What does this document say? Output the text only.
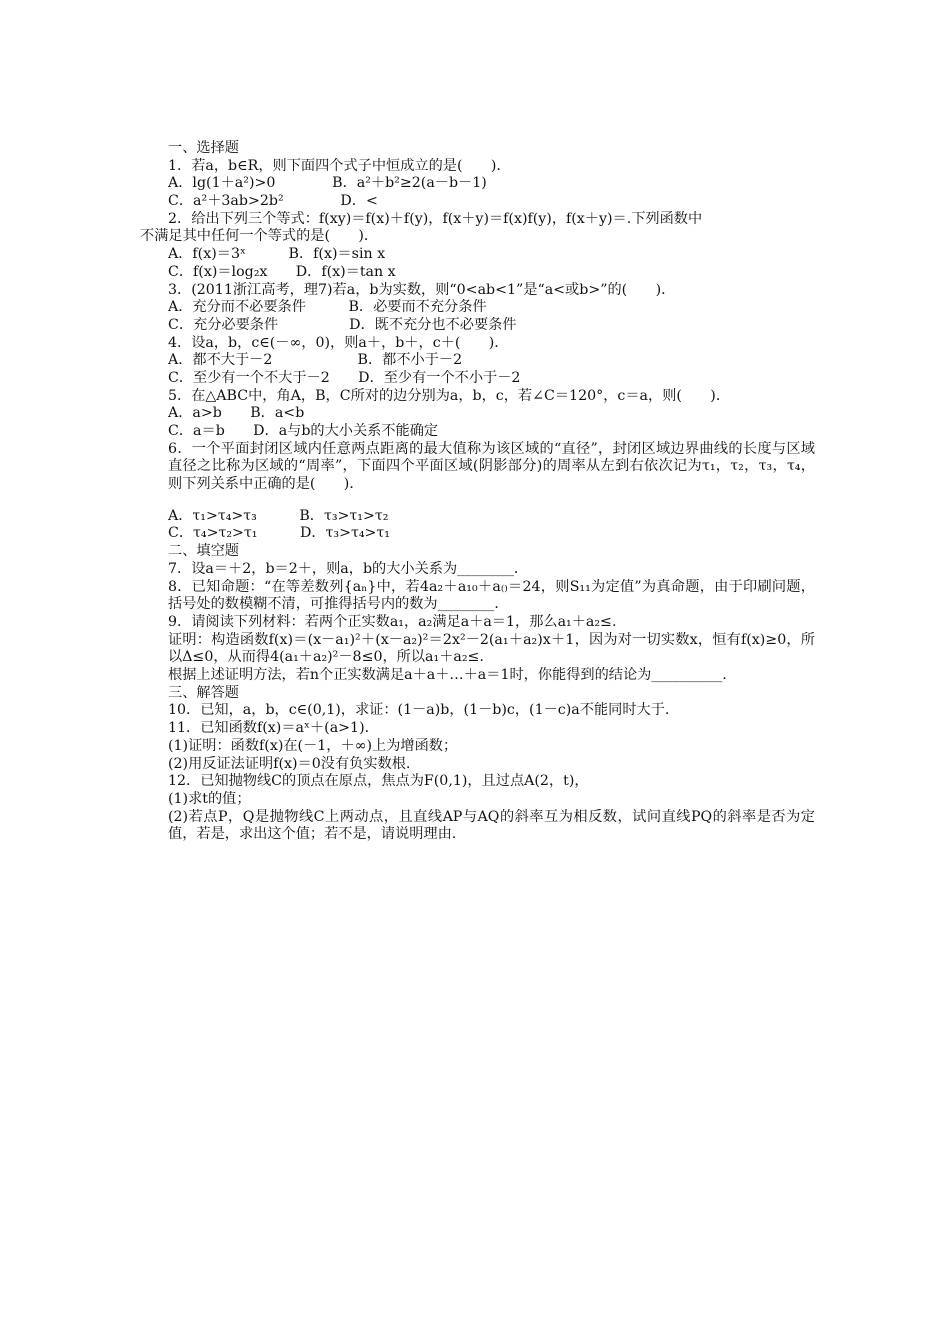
一、选择题
1．若a，b∈R，则下面四个式子中恒成立的是(　　)．
A．lg(1＋a²)>0　　　　B．a²＋b²≥2(a－b－1)
C．a²＋3ab>2b²　　　　D．<
2．给出下列三个等式：f(xy)＝f(x)＋f(y)，f(x＋y)＝f(x)f(y)，f(x＋y)＝.下列函数中
不满足其中任何一个等式的是(　　)．
A．f(x)＝3ˣ　　　B．f(x)＝sin x
C．f(x)＝log₂x　　D．f(x)＝tan x
3．(2011浙江高考，理7)若a，b为实数，则“0<ab<1”是“a<或b>”的(　　)．
A．充分而不必要条件　　　B．必要而不充分条件
C．充分必要条件　　　　　D．既不充分也不必要条件
4．设a，b，c∈(－∞，0)，则a＋，b＋，c＋(　　)．
A．都不大于－2　　　　　　B．都不小于－2
C．至少有一个不大于－2　　D．至少有一个不小于－2
5．在△ABC中，角A，B，C所对的边分别为a，b，c，若∠C＝120°，c＝a，则(　　)．
A．a>b　　B．a<b
C．a＝b　　D．a与b的大小关系不能确定
6．一个平面封闭区域内任意两点距离的最大值称为该区域的“直径”，封闭区域边界曲线的长度与区域直径之比称为区域的“周率”，下面四个平面区域(阴影部分)的周率从左到右依次记为τ₁，τ₂，τ₃，τ₄，则下列关系中正确的是(　　)．
A．τ₁>τ₄>τ₃　　　B．τ₃>τ₁>τ₂
C．τ₄>τ₂>τ₁　　　D．τ₃>τ₄>τ₁
二、填空题
7．设a＝＋2，b＝2＋，则a，b的大小关系为________．
8．已知命题：“在等差数列{aₙ}中，若4a₂＋a₁₀＋a₍₎＝24，则S₁₁为定值”为真命题，由于印刷问题，括号处的数模糊不清，可推得括号内的数为________．
9．请阅读下列材料：若两个正实数a₁，a₂满足a＋a＝1，那么a₁＋a₂≤.
证明：构造函数f(x)＝(x－a₁)²＋(x－a₂)²＝2x²－2(a₁＋a₂)x＋1，因为对一切实数x，恒有f(x)≥0，所以Δ≤0，从而得4(a₁＋a₂)²－8≤0，所以a₁＋a₂≤.
根据上述证明方法，若n个正实数满足a＋a＋…＋a＝1时，你能得到的结论为__________.
三、解答题
10．已知，a，b，c∈(0,1)，求证：(1－a)b，(1－b)c，(1－c)a不能同时大于.
11．已知函数f(x)＝aˣ＋(a>1)．
(1)证明：函数f(x)在(－1，＋∞)上为增函数；
(2)用反证法证明f(x)＝0没有负实数根.
12．已知抛物线C的顶点在原点，焦点为F(0,1)，且过点A(2，t)，
(1)求t的值；
(2)若点P，Q是抛物线C上两动点，且直线AP与AQ的斜率互为相反数，试问直线PQ的斜率是否为定值，若是，求出这个值；若不是，请说明理由.
